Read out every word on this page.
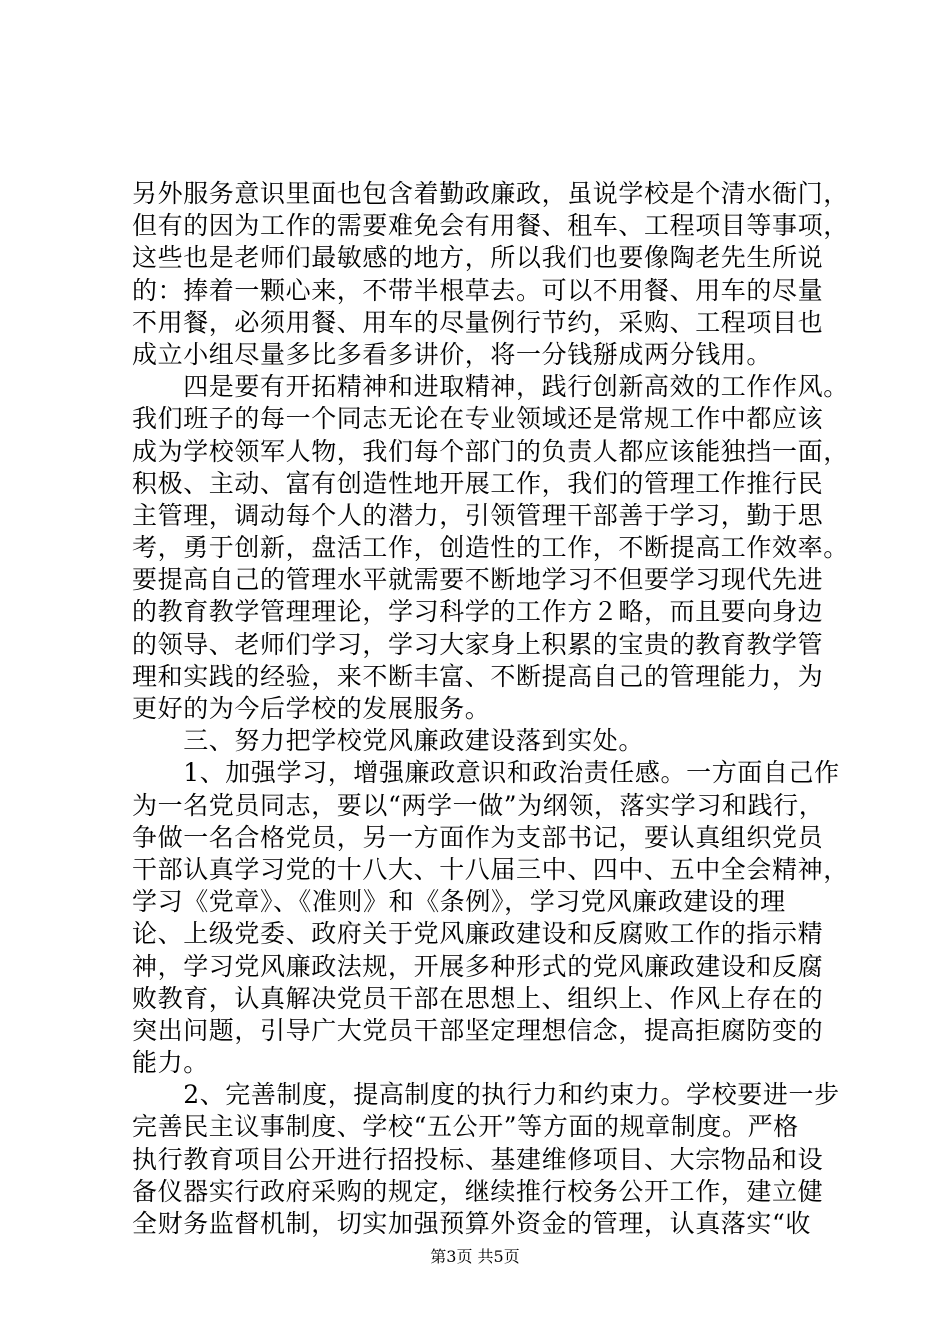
另外服务意识里面也包含着勤政廉政，虽说学校是个清水衙门，
但有的因为工作的需要难免会有用餐、租车、工程项目等事项，
这些也是老师们最敏感的地方，所以我们也要像陶老先生所说
的：捧着一颗心来，不带半根草去。可以不用餐、用车的尽量
不用餐，必须用餐、用车的尽量例行节约，采购、工程项目也
成立小组尽量多比多看多讲价，将一分钱掰成两分钱用。
　　四是要有开拓精神和进取精神，践行创新高效的工作作风。
我们班子的每一个同志无论在专业领域还是常规工作中都应该
成为学校领军人物，我们每个部门的负责人都应该能独挡一面，
积极、主动、富有创造性地开展工作，我们的管理工作推行民
主管理，调动每个人的潜力，引领管理干部善于学习，勤于思
考，勇于创新，盘活工作，创造性的工作，不断提高工作效率。
要提高自己的管理水平就需要不断地学习不但要学习现代先进
的教育教学管理理论，学习科学的工作方２略，而且要向身边
的领导、老师们学习，学习大家身上积累的宝贵的教育教学管
理和实践的经验，来不断丰富、不断提高自己的管理能力，为
更好的为今后学校的发展服务。
　　三、努力把学校党风廉政建设落到实处。
　　1、加强学习，增强廉政意识和政治责任感。一方面自己作
为一名党员同志，要以“两学一做”为纲领，落实学习和践行，
争做一名合格党员，另一方面作为支部书记，要认真组织党员
干部认真学习党的十八大、十八届三中、四中、五中全会精神，
学习《党章》、《准则》和《条例》，学习党风廉政建设的理
论、上级党委、政府关于党风廉政建设和反腐败工作的指示精
神，学习党风廉政法规，开展多种形式的党风廉政建设和反腐
败教育，认真解决党员干部在思想上、组织上、作风上存在的
突出问题，引导广大党员干部坚定理想信念，提高拒腐防变的
能力。
　　2、完善制度，提高制度的执行力和约束力。学校要进一步
完善民主议事制度、学校“五公开”等方面的规章制度。严格
执行教育项目公开进行招投标、基建维修项目、大宗物品和设
备仪器实行政府采购的规定，继续推行校务公开工作，建立健
全财务监督机制，切实加强预算外资金的管理，认真落实“收
第3页 共5页
